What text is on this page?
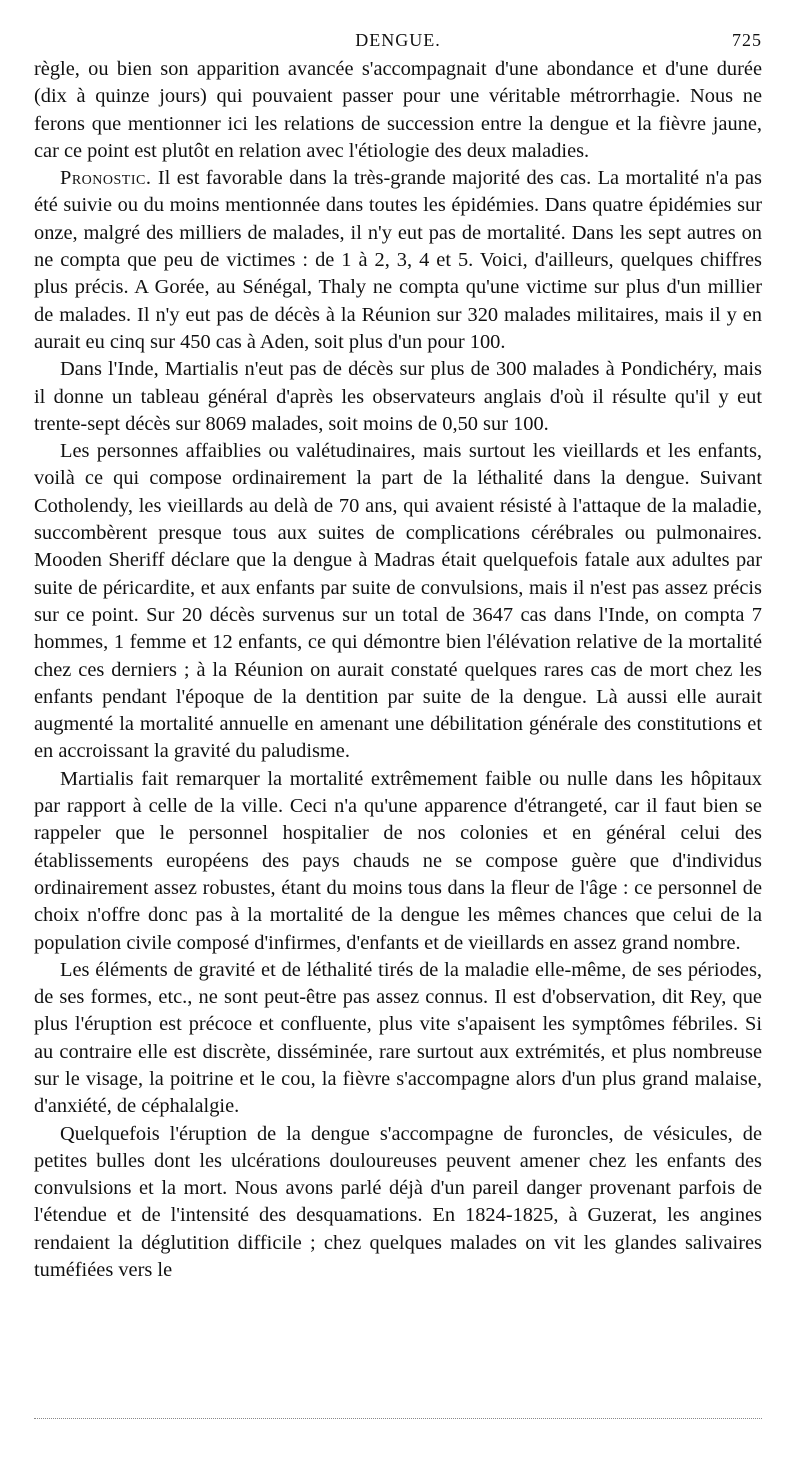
DENGUE.	725

règle, ou bien son apparition avancée s'accompagnait d'une abondance et d'une durée (dix à quinze jours) qui pouvaient passer pour une véritable métrorrhagie. Nous ne ferons que mentionner ici les relations de succession entre la dengue et la fièvre jaune, car ce point est plutôt en relation avec l'étiologie des deux maladies.

Pronostic. Il est favorable dans la très-grande majorité des cas. La mortalité n'a pas été suivie ou du moins mentionnée dans toutes les épidémies. Dans quatre épidémies sur onze, malgré des milliers de malades, il n'y eut pas de mortalité. Dans les sept autres on ne compta que peu de victimes : de 1 à 2, 3, 4 et 5. Voici, d'ailleurs, quelques chiffres plus précis. A Gorée, au Sénégal, Thaly ne compta qu'une victime sur plus d'un millier de malades. Il n'y eut pas de décès à la Réunion sur 320 malades militaires, mais il y en aurait eu cinq sur 450 cas à Aden, soit plus d'un pour 100.

Dans l'Inde, Martialis n'eut pas de décès sur plus de 300 malades à Pondichéry, mais il donne un tableau général d'après les observateurs anglais d'où il résulte qu'il y eut trente-sept décès sur 8069 malades, soit moins de 0,50 sur 100.

Les personnes affaiblies ou valétudinaires, mais surtout les vieillards et les enfants, voilà ce qui compose ordinairement la part de la léthalité dans la dengue. Suivant Cotholendy, les vieillards au delà de 70 ans, qui avaient résisté à l'attaque de la maladie, succombèrent presque tous aux suites de complications cérébrales ou pulmonaires. Mooden Sheriff déclare que la dengue à Madras était quelquefois fatale aux adultes par suite de péricardite, et aux enfants par suite de convulsions, mais il n'est pas assez précis sur ce point. Sur 20 décès survenus sur un total de 3647 cas dans l'Inde, on compta 7 hommes, 1 femme et 12 enfants, ce qui démontre bien l'élévation relative de la mortalité chez ces derniers ; à la Réunion on aurait constaté quelques rares cas de mort chez les enfants pendant l'époque de la dentition par suite de la dengue. Là aussi elle aurait augmenté la mortalité annuelle en amenant une débilitation générale des constitutions et en accroissant la gravité du paludisme.

Martialis fait remarquer la mortalité extrêmement faible ou nulle dans les hôpitaux par rapport à celle de la ville. Ceci n'a qu'une apparence d'étrangeté, car il faut bien se rappeler que le personnel hospitalier de nos colonies et en général celui des établissements européens des pays chauds ne se compose guère que d'individus ordinairement assez robustes, étant du moins tous dans la fleur de l'âge : ce personnel de choix n'offre donc pas à la mortalité de la dengue les mêmes chances que celui de la population civile composé d'infirmes, d'enfants et de vieillards en assez grand nombre.

Les éléments de gravité et de léthalité tirés de la maladie elle-même, de ses périodes, de ses formes, etc., ne sont peut-être pas assez connus. Il est d'observation, dit Rey, que plus l'éruption est précoce et confluente, plus vite s'apaisent les symptômes fébriles. Si au contraire elle est discrète, disséminée, rare surtout aux extrémités, et plus nombreuse sur le visage, la poitrine et le cou, la fièvre s'accompagne alors d'un plus grand malaise, d'anxiété, de céphalalgie.

Quelquefois l'éruption de la dengue s'accompagne de furoncles, de vésicules, de petites bulles dont les ulcérations douloureuses peuvent amener chez les enfants des convulsions et la mort. Nous avons parlé déjà d'un pareil danger provenant parfois de l'étendue et de l'intensité des desquamations. En 1824-1825, à Guzerat, les angines rendaient la déglutition difficile ; chez quelques malades on vit les glandes salivaires tuméfiées vers le
